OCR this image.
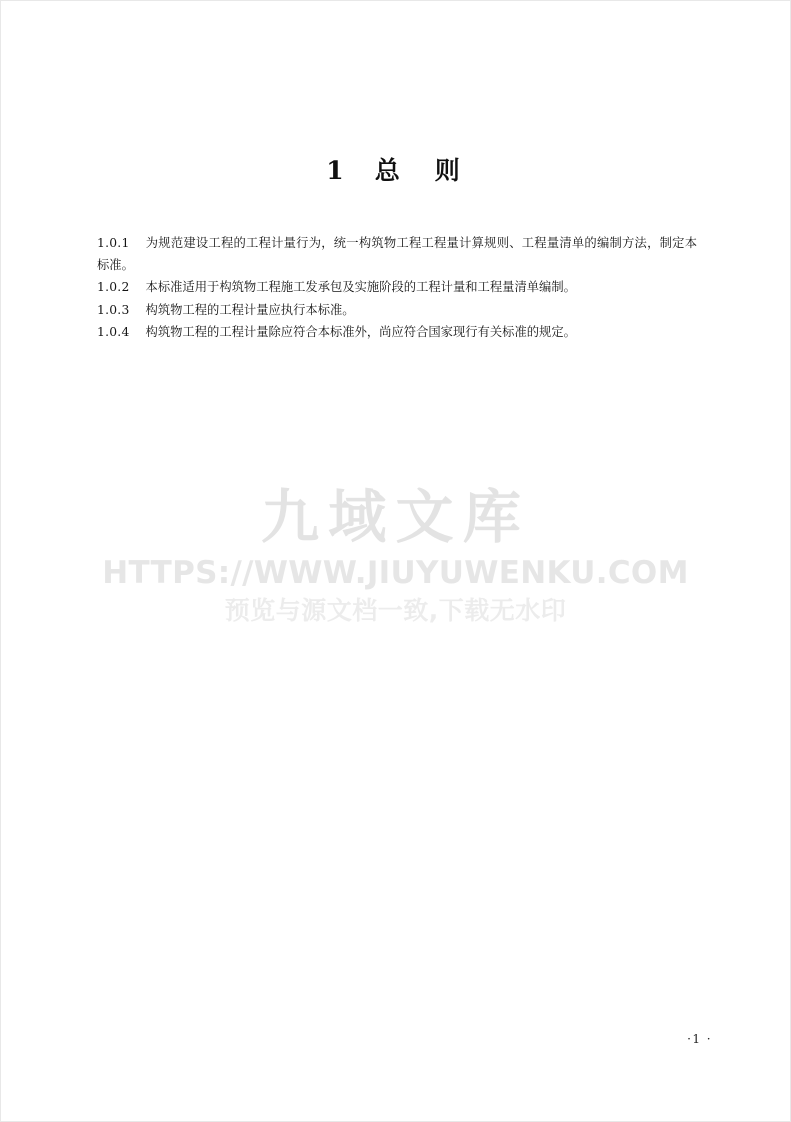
1 总 则

1.0.1 为规范建设工程的工程计量行为，统一构筑物工程工程量计算规则、工程量清单的编制方法，制定本标准。

1.0.2 本标准适用于构筑物工程施工发承包及实施阶段的工程计量和工程量清单编制。

1.0.3 构筑物工程的工程计量应执行本标准。

1.0.4 构筑物工程的工程计量除应符合本标准外，尚应符合国家现行有关标准的规定。

九域文库
HTTPS://WWW.JIUYUWENKU.COM
预览与源文档一致,下载无水印
·1 ·
